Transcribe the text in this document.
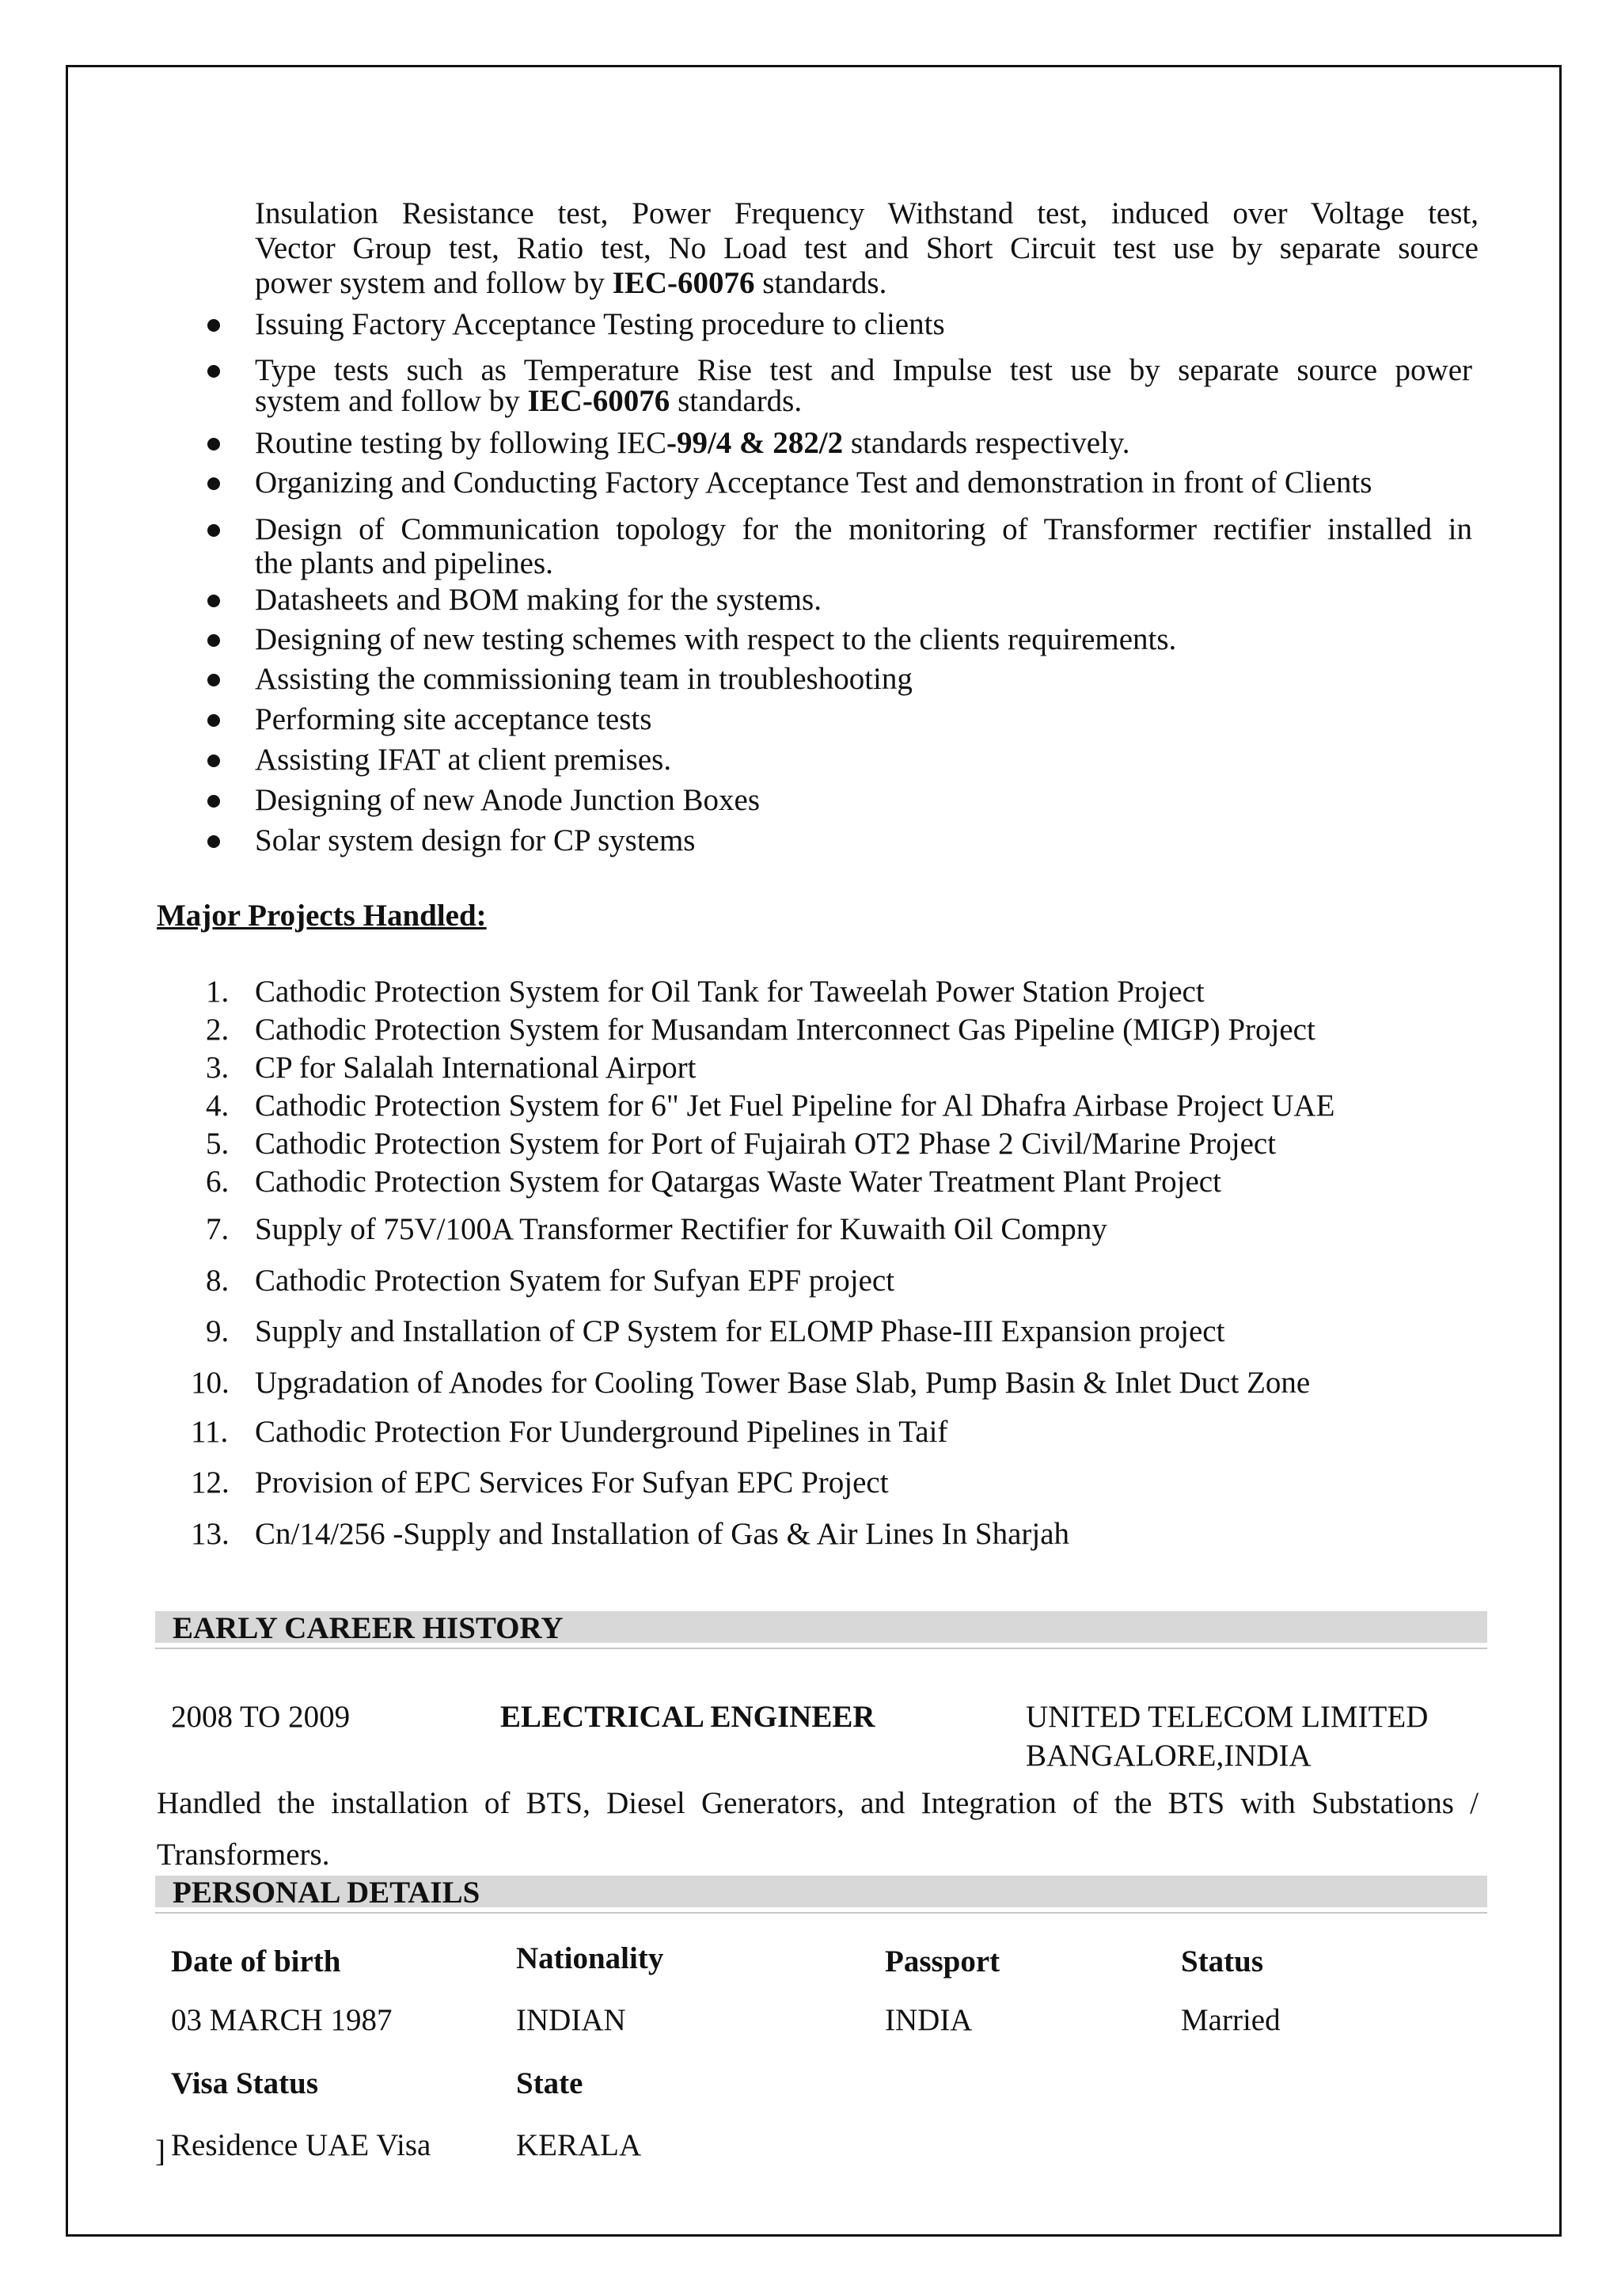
Insulation Resistance test, Power Frequency Withstand test, induced over Voltage test,
Vector Group test, Ratio test, No Load test and Short Circuit test use by separate source
power system and follow by IEC-60076 standards.
Issuing Factory Acceptance Testing procedure to clients
Type tests such as Temperature Rise test and Impulse test use by separate source power
system and follow by IEC-60076 standards.
Routine testing by following IEC-99/4 & 282/2 standards respectively.
Organizing and Conducting Factory Acceptance Test and demonstration in front of Clients
Design of Communication topology for the monitoring of Transformer rectifier installed in
the plants and pipelines.
Datasheets and BOM making for the systems.
Designing of new testing schemes with respect to the clients requirements.
Assisting the commissioning team in troubleshooting
Performing site acceptance tests
Assisting IFAT at client premises.
Designing of new Anode Junction Boxes
Solar system design for CP systems
Major Projects Handled:
1. Cathodic Protection System for Oil Tank for Taweelah Power Station Project
2. Cathodic Protection System for Musandam Interconnect Gas Pipeline (MIGP) Project
3. CP for Salalah International Airport
4. Cathodic Protection System for 6" Jet Fuel Pipeline for Al Dhafra Airbase Project UAE
5. Cathodic Protection System for Port of Fujairah OT2 Phase 2 Civil/Marine Project
6. Cathodic Protection System for Qatargas Waste Water Treatment Plant Project
7. Supply of 75V/100A Transformer Rectifier for Kuwaith Oil Compny
8. Cathodic Protection Syatem for Sufyan EPF project
9. Supply and Installation of CP System for ELOMP Phase-III Expansion project
10. Upgradation of Anodes for Cooling Tower Base Slab, Pump Basin & Inlet Duct Zone
11. Cathodic Protection For Uunderground Pipelines in Taif
12. Provision of EPC Services For Sufyan EPC Project
13. Cn/14/256 -Supply and Installation of Gas & Air Lines In Sharjah
EARLY CAREER HISTORY
2008 TO 2009	ELECTRICAL ENGINEER	UNITED TELECOM LIMITED
BANGALORE,INDIA
Handled the installation of BTS, Diesel Generators, and Integration of the BTS with Substations /
Transformers.
PERSONAL DETAILS
Date of birth	Nationality	Passport	Status
03 MARCH 1987	INDIAN	INDIA	Married
Visa Status	State
] Residence UAE Visa	KERALA
